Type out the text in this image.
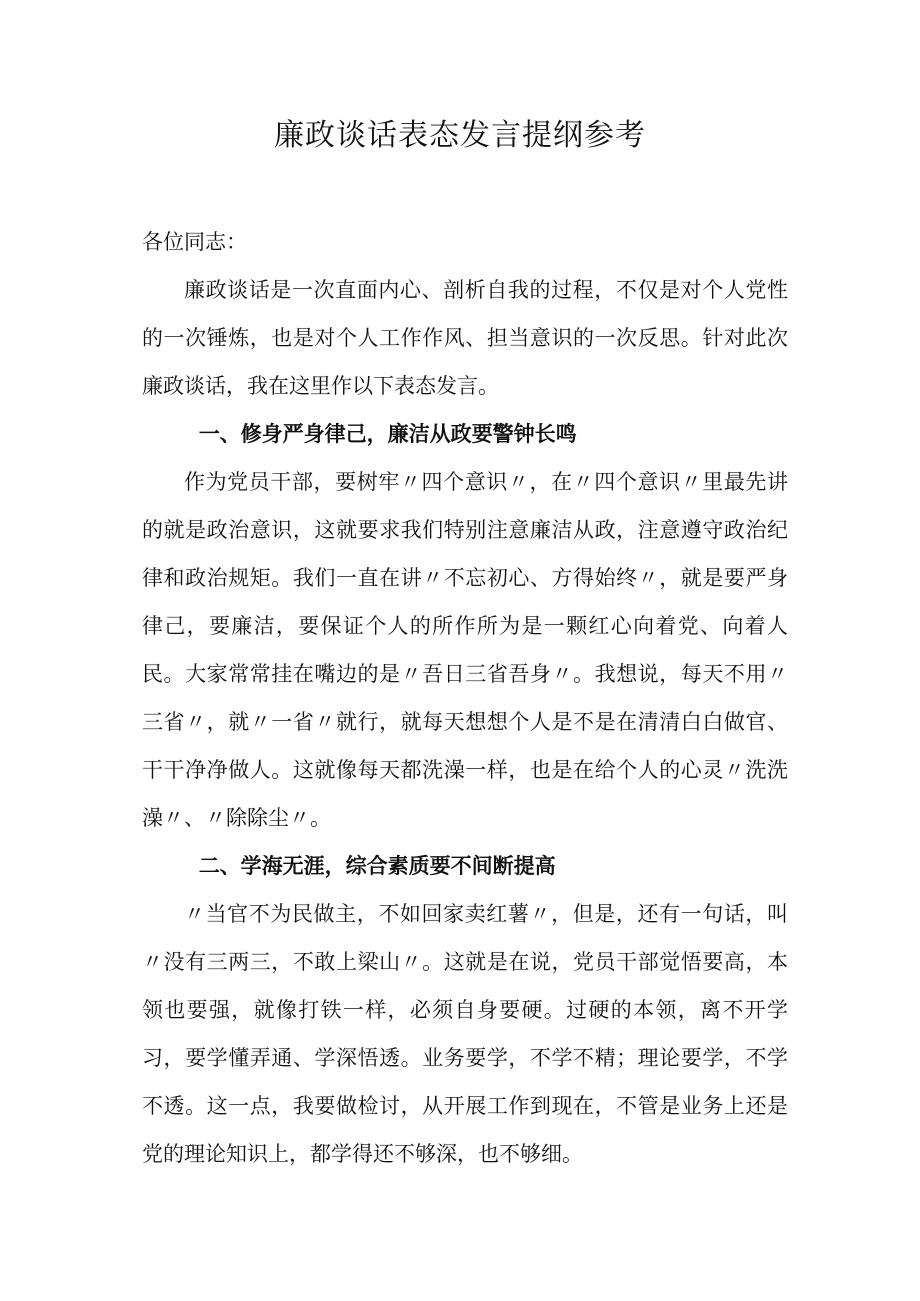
廉政谈话表态发言提纲参考

各位同志：

廉政谈话是一次直面内心、剖析自我的过程，不仅是对个人党性的一次锤炼，也是对个人工作作风、担当意识的一次反思。针对此次廉政谈话，我在这里作以下表态发言。

一、修身严身律己，廉洁从政要警钟长鸣

作为党员干部，要树牢〃四个意识〃，在〃四个意识〃里最先讲的就是政治意识，这就要求我们特别注意廉洁从政，注意遵守政治纪律和政治规矩。我们一直在讲〃不忘初心、方得始终〃，就是要严身律己，要廉洁，要保证个人的所作所为是一颗红心向着党、向着人民。大家常常挂在嘴边的是〃吾日三省吾身〃。我想说，每天不用〃三省〃，就〃一省〃就行，就每天想想个人是不是在清清白白做官、干干净净做人。这就像每天都洗澡一样，也是在给个人的心灵〃洗洗澡〃、〃除除尘〃。

二、学海无涯，综合素质要不间断提高

〃当官不为民做主，不如回家卖红薯〃，但是，还有一句话，叫〃没有三两三，不敢上梁山〃。这就是在说，党员干部觉悟要高，本领也要强，就像打铁一样，必须自身要硬。过硬的本领，离不开学习，要学懂弄通、学深悟透。业务要学，不学不精；理论要学，不学不透。这一点，我要做检讨，从开展工作到现在，不管是业务上还是党的理论知识上，都学得还不够深，也不够细。
